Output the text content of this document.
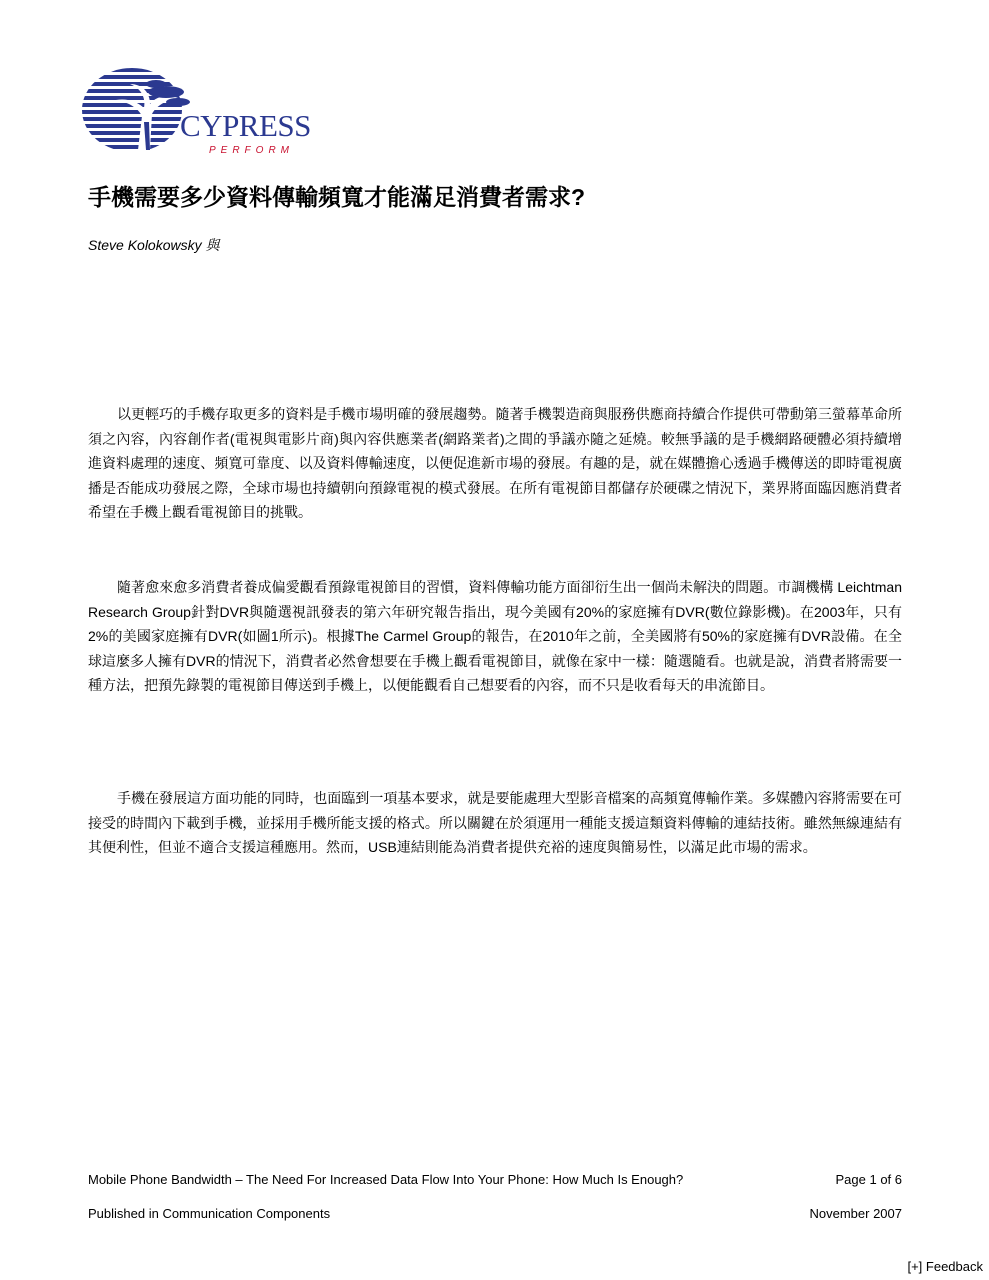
CYPRESS
PERFORM
手機需要多少資料傳輸頻寬才能滿足消費者需求?
Steve Kolokowsky 與

以更輕巧的手機存取更多的資料是手機市場明確的發展趨勢。隨著手機製造商與服務供應商持續合作提供可帶動第三螢幕革命所須之內容，內容創作者(電視與電影片商)與內容供應業者(網路業者)之間的爭議亦隨之延燒。較無爭議的是手機網路硬體必須持續增進資料處理的速度、頻寬可靠度、以及資料傳輸速度，以便促進新市場的發展。有趣的是，就在媒體擔心透過手機傳送的即時電視廣播是否能成功發展之際，全球市場也持續朝向預錄電視的模式發展。在所有電視節目都儲存於硬碟之情況下，業界將面臨因應消費者希望在手機上觀看電視節目的挑戰。

隨著愈來愈多消費者養成偏愛觀看預錄電視節目的習慣，資料傳輸功能方面卻衍生出一個尚未解決的問題。市調機構 Leichtman Research Group針對DVR與隨選視訊發表的第六年研究報告指出，現今美國有20%的家庭擁有DVR(數位錄影機)。在2003年，只有2%的美國家庭擁有DVR(如圖1所示)。根據The Carmel Group的報告，在2010年之前，全美國將有50%的家庭擁有DVR設備。在全球這麼多人擁有DVR的情況下，消費者必然會想要在手機上觀看電視節目，就像在家中一樣：隨選隨看。也就是說，消費者將需要一種方法，把預先錄製的電視節目傳送到手機上，以便能觀看自己想要看的內容，而不只是收看每天的串流節目。

手機在發展這方面功能的同時，也面臨到一項基本要求，就是要能處理大型影音檔案的高頻寬傳輸作業。多媒體內容將需要在可接受的時間內下載到手機，並採用手機所能支援的格式。所以關鍵在於須運用一種能支援這類資料傳輸的連結技術。雖然無線連結有其便利性，但並不適合支援這種應用。然而，USB連結則能為消費者提供充裕的速度與簡易性，以滿足此市場的需求。

Mobile Phone Bandwidth – The Need For Increased Data Flow Into Your Phone: How Much Is Enough?	Page 1 of 6
Published in Communication Components	November 2007
[+] Feedback
